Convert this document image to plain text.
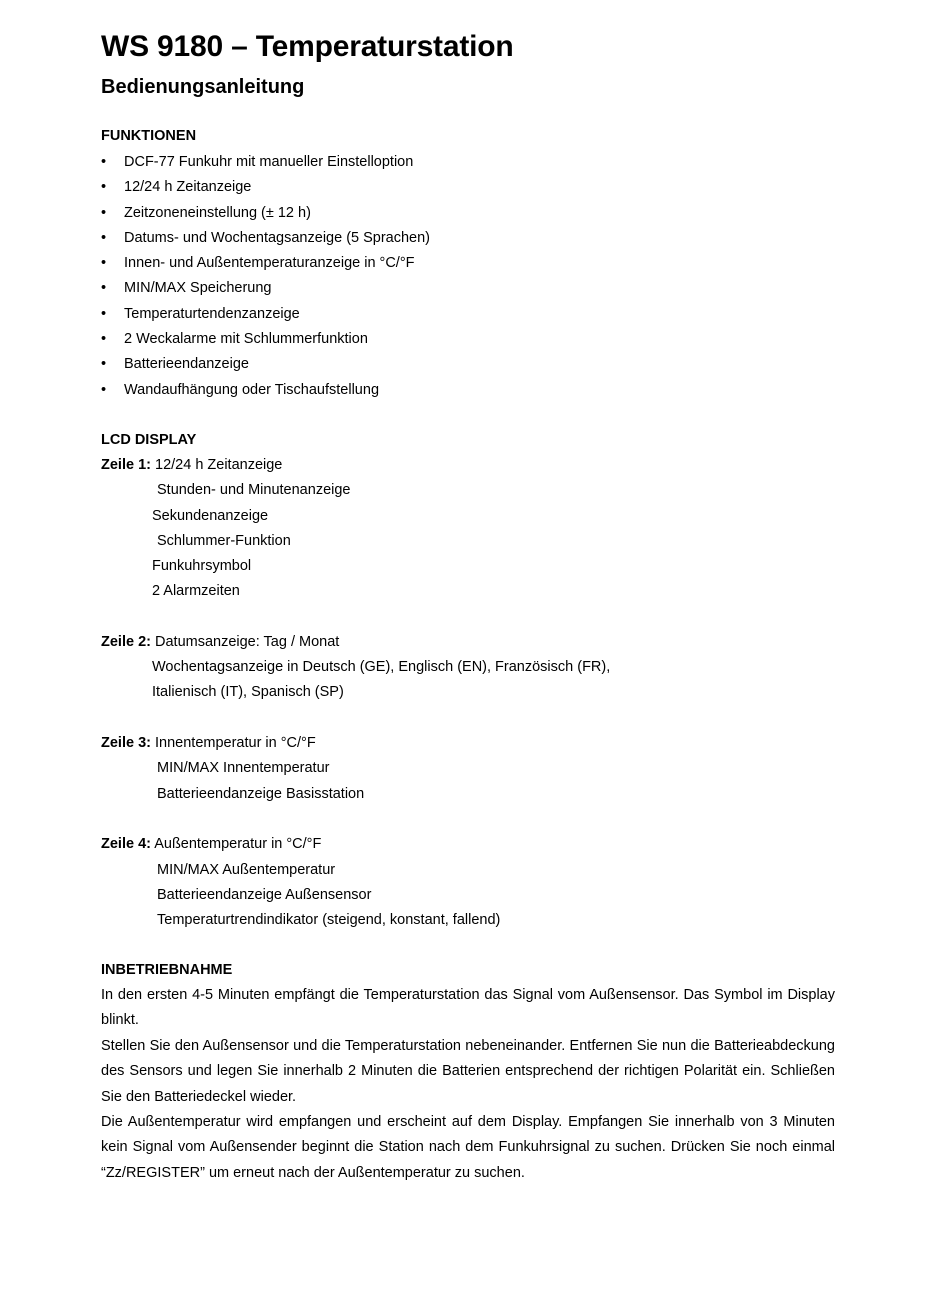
WS 9180 – Temperaturstation
Bedienungsanleitung
FUNKTIONEN
•	DCF-77 Funkuhr mit manueller Einstelloption
•	12/24 h Zeitanzeige
•	Zeitzoneneinstellung (± 12 h)
•	Datums- und Wochentagsanzeige (5 Sprachen)
•	Innen- und Außentemperaturanzeige in °C/°F
•	MIN/MAX Speicherung
•	Temperaturtendenzanzeige
•	2 Weckalarme mit Schlummerfunktion
•	Batterieendanzeige
•	Wandaufhängung oder Tischaufstellung
LCD DISPLAY
Zeile 1: 12/24 h Zeitanzeige
Stunden- und Minutenanzeige
Sekundenanzeige
Schlummer-Funktion
Funkuhrsymbol
2 Alarmzeiten
Zeile 2: Datumsanzeige: Tag / Monat
Wochentagsanzeige in Deutsch (GE), Englisch (EN), Französisch (FR),
Italienisch (IT), Spanisch (SP)
Zeile 3: Innentemperatur in °C/°F
MIN/MAX Innentemperatur
Batterieendanzeige Basisstation
Zeile 4: Außentemperatur in °C/°F
MIN/MAX Außentemperatur
Batterieendanzeige Außensensor
Temperaturtrendindikator (steigend, konstant, fallend)
INBETRIEBNAHME

In den ersten 4-5 Minuten empfängt die Temperaturstation das Signal vom Außensensor. Das Symbol im Display blinkt.

Stellen Sie den Außensensor und die Temperaturstation nebeneinander. Entfernen Sie nun die Batterieabdeckung des Sensors und legen Sie innerhalb 2 Minuten die Batterien entsprechend der richtigen Polarität ein. Schließen Sie den Batteriedeckel wieder.

Die Außentemperatur wird empfangen und erscheint auf dem Display. Empfangen Sie innerhalb von 3 Minuten kein Signal vom Außensender beginnt die Station nach dem Funkuhrsignal zu suchen. Drücken Sie noch einmal “Zz/REGISTER” um erneut nach der Außentemperatur zu suchen.
